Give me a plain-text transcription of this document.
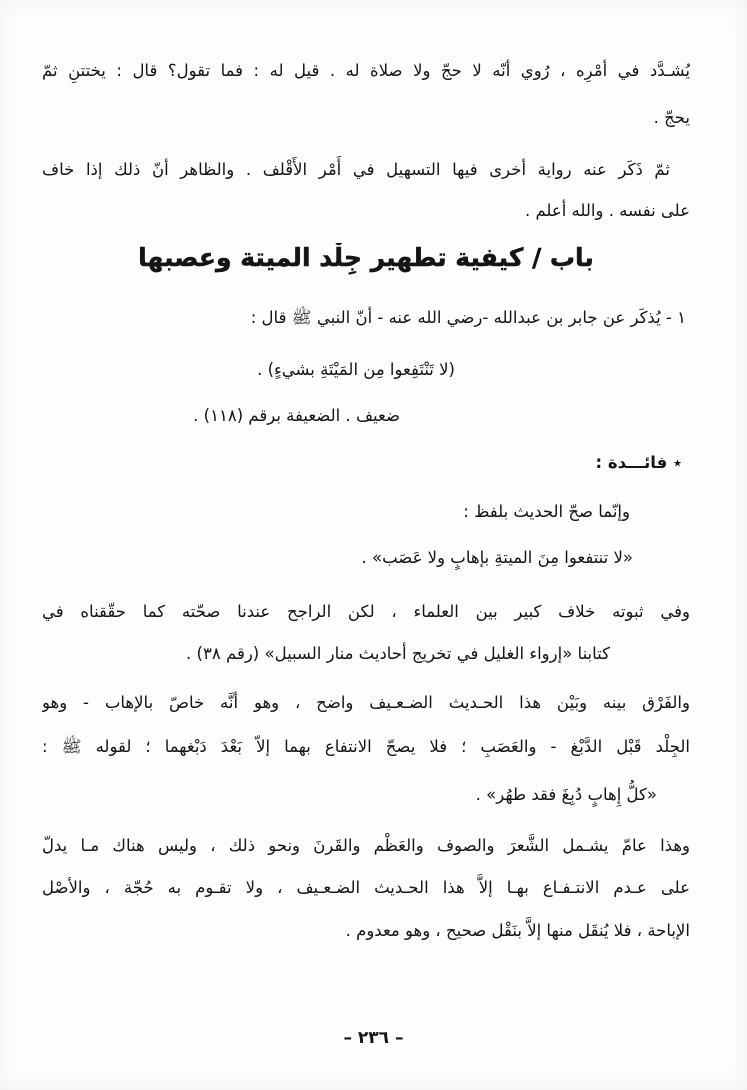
يُشـدَّد في أمْرِه ، رُوي أنّه لا حجّ ولا صلاة له . قيل له : فما تقول؟ قال : يختتنِ ثمّ
يحجّ .
ثمّ ذَكَر عنه رواية أخرى فيها التسهيل في أَمْر الأَقْلف . والظاهر أنّ ذلك إذا خاف
على نفسه . والله أعلم .
باب / كيفية تطهير جِلْد الميتة وعصبها
١ - يُذكَر عن جابر بن عبدالله -رضي الله عنه - أنّ النبي ﷺ قال :
(لا تَنْتَفِعوا مِن المَيْتَةِ بشيءٍ) .
ضعيف . الضعيفة برقم (١١٨) .
٭ فائـــدة :
وإنّما صحّ الحديث بلفظ :
«لا تنتفعوا مِنَ الميتةِ بإهابٍ ولا عَصَب» .
وفي ثبوته خلاف كبير بين العلماء ، لكن الراجح عندنا صحّته كما حقّقناه في
كتابنا «إرواء الغليل في تخريج أحاديث منار السبيل» (رقم ٣٨) .
والفَرْق بينه وبَيْن هذا الحـديث الضـعـيف واضح ، وهو أنَّه خاصّ بالإهاب - وهو
الجِلْد قَبْل الدَّبْغ - والعَصَبِ ؛ فلا يصحّ الانتفاع بهما إلاّ بَعْدَ دَبْغهما ؛ لقوله ﷺ :
«كلُّ إِهابٍ دُبِغَ فقد طهُر» .
وهذا عامّ يشـمل الشَّعرَ والصوف والعَظْم والقَرنَ ونحو ذلك ، وليس هناك مـا يدلّ
على عـدم الانتـفـاع بهـا إلاَّ هذا الحـديث الضـعـيف ، ولا تقـوم به حُجّة ، والأصْل
الإباحة ، فلا يُنقَل منها إلاَّ بنَقْل صحيح ، وهو معدوم .
– ٢٣٦ –
